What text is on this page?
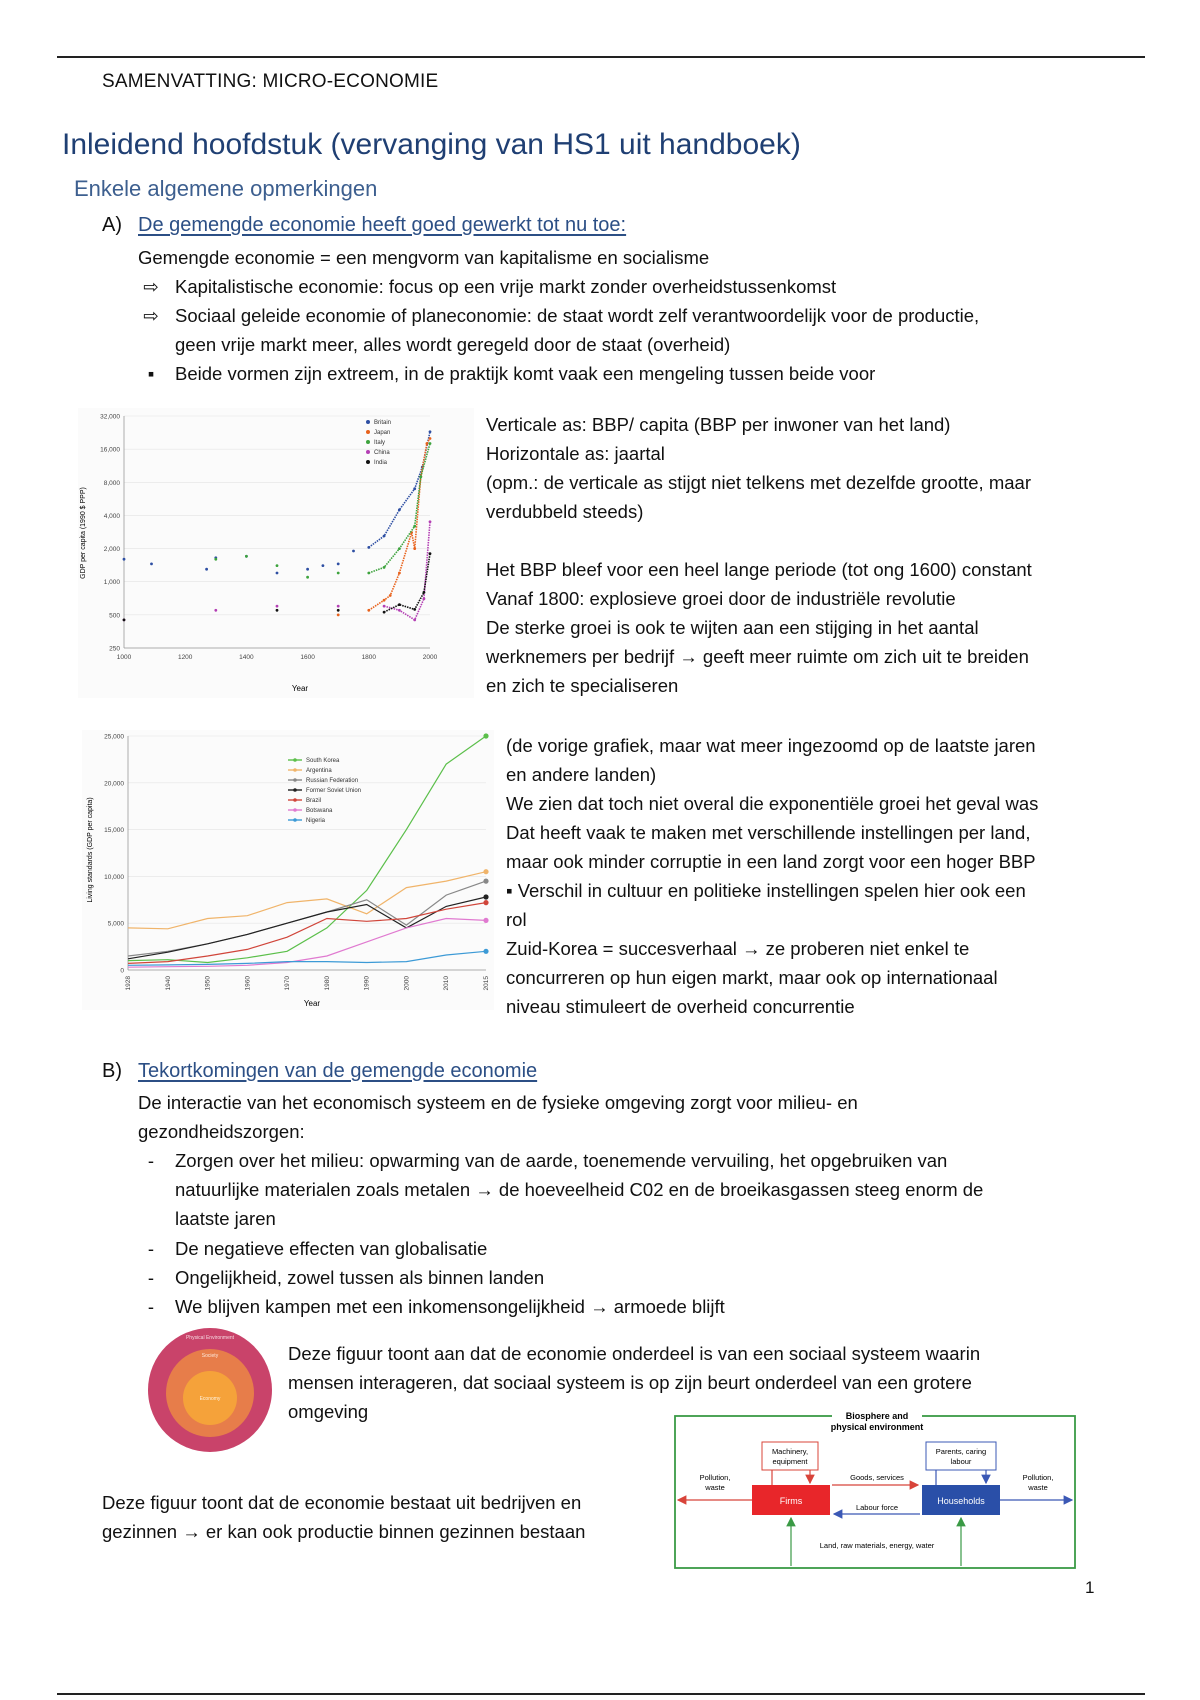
SAMENVATTING: MICRO-ECONOMIE
Inleidend hoofdstuk (vervanging van HS1 uit handboek)
Enkele algemene opmerkingen
A) De gemengde economie heeft goed gewerkt tot nu toe:
Gemengde economie = een mengvorm van kapitalisme en socialisme
⇨ Kapitalistische economie: focus op een vrije markt zonder overheidstussenkomst
⇨ Sociaal geleide economie of planeconomie: de staat wordt zelf verantwoordelijk voor de productie,
geen vrije markt meer, alles wordt geregeld door de staat (overheid)
▪	Beide vormen zijn extreem, in de praktijk komt vaak een mengeling tussen beide voor
250
500
1,000
2,000
4,000
8,000
16,000
32,000
1000	1200	1400	1600	1800	2000
Britain
Japan
Italy
China
India
Year
GDP per capita (1990 $ PPP)
Verticale as: BBP/ capita (BBP per inwoner van het land)
Horizontale as: jaartal
(opm.: de verticale as stijgt niet telkens met dezelfde grootte, maar
verdubbeld steeds)
Het BBP bleef voor een heel lange periode (tot ong 1600) constant
Vanaf 1800: explosieve groei door de industriële revolutie
De sterke groei is ook te wijten aan een stijging in het aantal
werknemers per bedrijf → geeft meer ruimte om zich uit te breiden
en zich te specialiseren
0
5,000
10,000
15,000
20,000
25,000
1928	1940	1950	1960	1970	1980	1990	2000	2010	2015
South Korea
Argentina
Russian Federation
Former Soviet Union
Brazil
Botswana
Nigeria
Year
Living standards (GDP per capita)
(de vorige grafiek, maar wat meer ingezoomd op de laatste jaren
en andere landen)
We zien dat toch niet overal die exponentiële groei het geval was
Dat heeft vaak te maken met verschillende instellingen per land,
maar ook minder corruptie in een land zorgt voor een hoger BBP
▪ Verschil in cultuur en politieke instellingen spelen hier ook een
rol
Zuid-Korea = succesverhaal → ze proberen niet enkel te
concurreren op hun eigen markt, maar ook op internationaal
niveau stimuleert de overheid concurrentie
B) Tekortkomingen van de gemengde economie
De interactie van het economisch systeem en de fysieke omgeving zorgt voor milieu- en
gezondheidszorgen:
-	Zorgen over het milieu: opwarming van de aarde, toenemende vervuiling, het opgebruiken van
natuurlijke materialen zoals metalen → de hoeveelheid C02 en de broeikasgassen steeg enorm de
laatste jaren
-	De negatieve effecten van globalisatie
-	Ongelijkheid, zowel tussen als binnen landen
-	We blijven kampen met een inkomensongelijkheid → armoede blijft
Physical Environment
Society
Economy
Deze figuur toont aan dat de economie onderdeel is van een sociaal systeem waarin
mensen interageren, dat sociaal systeem is op zijn beurt onderdeel van een grotere
omgeving
Deze figuur toont dat de economie bestaat uit bedrijven en
gezinnen → er kan ook productie binnen gezinnen bestaan
Biosphere and
physical environment
Firms	Households
Machinery,
equipment
Parents, caring
labour
Goods, services
Labour force
Pollution,
waste
Pollution,
waste
Land, raw materials, energy, water
1
